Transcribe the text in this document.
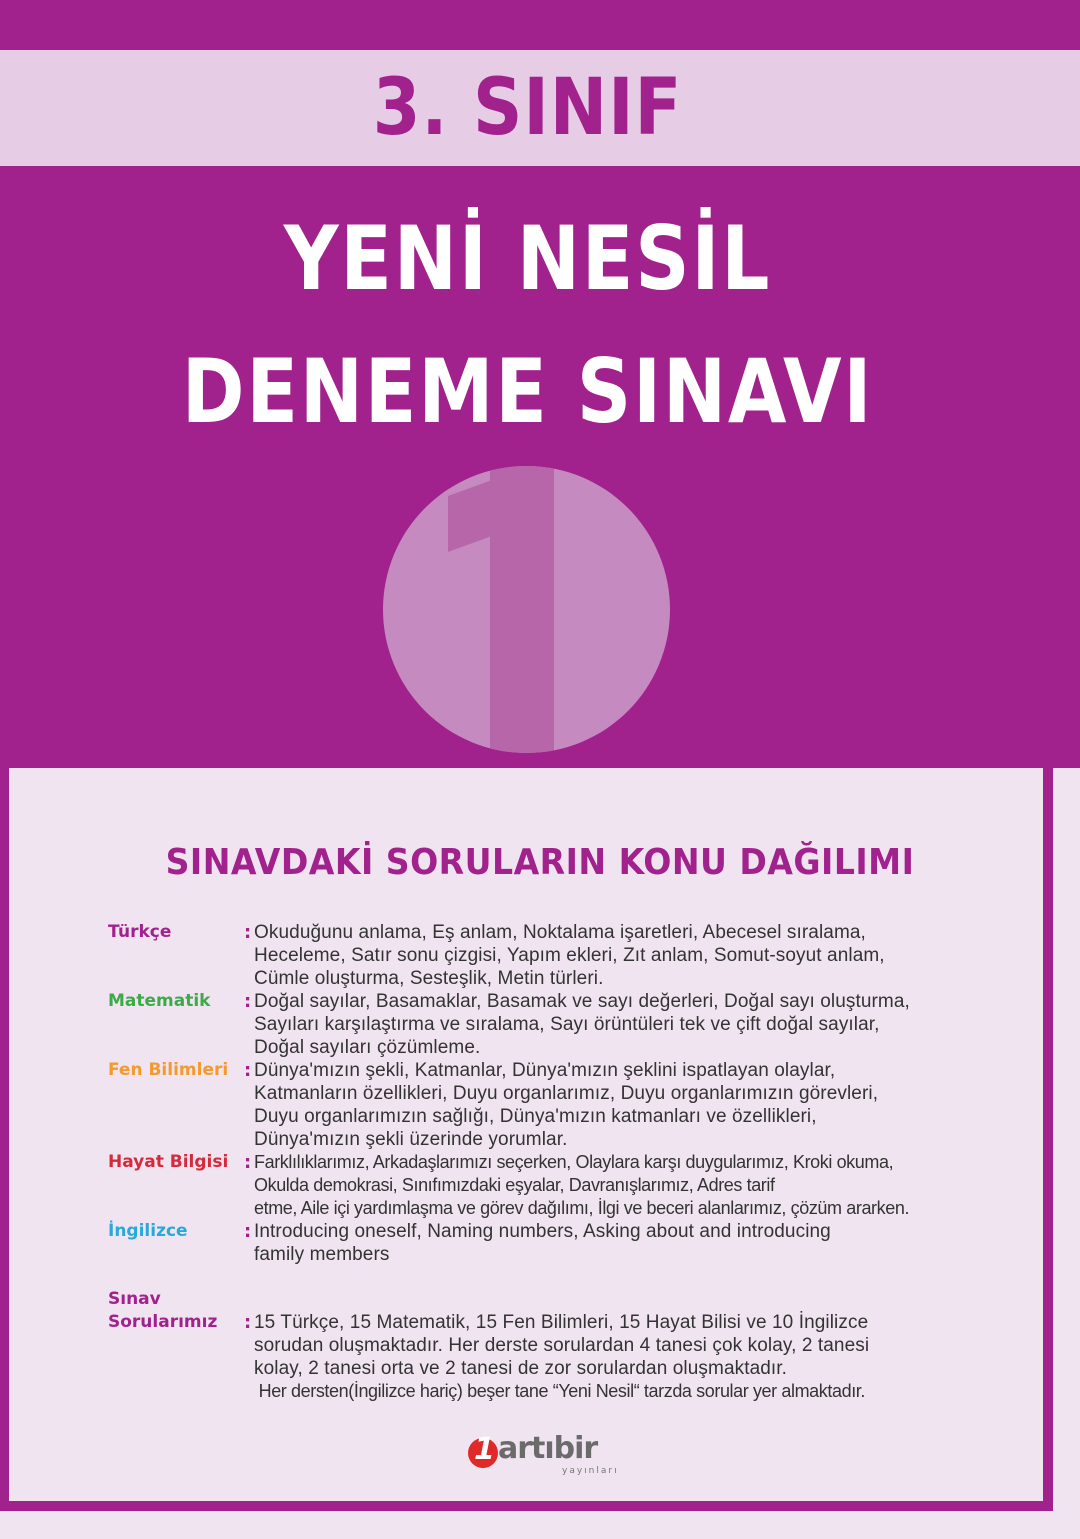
3. SINIF
YENİ NESİL
DENEME SINAVI
SINAVDAKİ SORULARIN KONU DAĞILIMI
Türkçe	: Okuduğunu anlama, Eş anlam, Noktalama işaretleri, Abecesel sıralama,
Heceleme, Satır sonu çizgisi, Yapım ekleri, Zıt anlam, Somut-soyut anlam,
Cümle oluşturma, Sesteşlik, Metin türleri.
Matematik	: Doğal sayılar, Basamaklar, Basamak ve sayı değerleri, Doğal sayı oluşturma,
Sayıları karşılaştırma ve sıralama, Sayı örüntüleri tek ve çift doğal sayılar,
Doğal sayıları çözümleme.
Fen Bilimleri : Dünya'mızın şekli, Katmanlar, Dünya'mızın şeklini ispatlayan olaylar,
Katmanların özellikleri, Duyu organlarımız, Duyu organlarımızın görevleri,
Duyu organlarımızın sağlığı, Dünya'mızın katmanları ve özellikleri,
Dünya'mızın şekli üzerinde yorumlar.
Hayat Bilgisi : Farklılıklarımız, Arkadaşlarımızı seçerken, Olaylara karşı duygularımız, Kroki okuma,
Okulda demokrasi, Sınıfımızdaki eşyalar, Davranışlarımız, Adres tarif
etme, Aile içi yardımlaşma ve görev dağılımı, İlgi ve beceri alanlarımız, çözüm ararken.
İngilizce	: Introducing oneself, Naming numbers, Asking about and introducing
family members
Sınav
Sorularımız	: 15 Türkçe, 15 Matematik, 15 Fen Bilimleri, 15 Hayat Bilisi ve 10 İngilizce
sorudan oluşmaktadır. Her derste sorulardan 4 tanesi çok kolay, 2 tanesi
kolay, 2 tanesi orta ve 2 tanesi de zor sorulardan oluşmaktadır.
Her dersten(İngilizce hariç) beşer tane “Yeni Nesil“ tarzda sorular yer almaktadır.
1 artıbir
yayınları
